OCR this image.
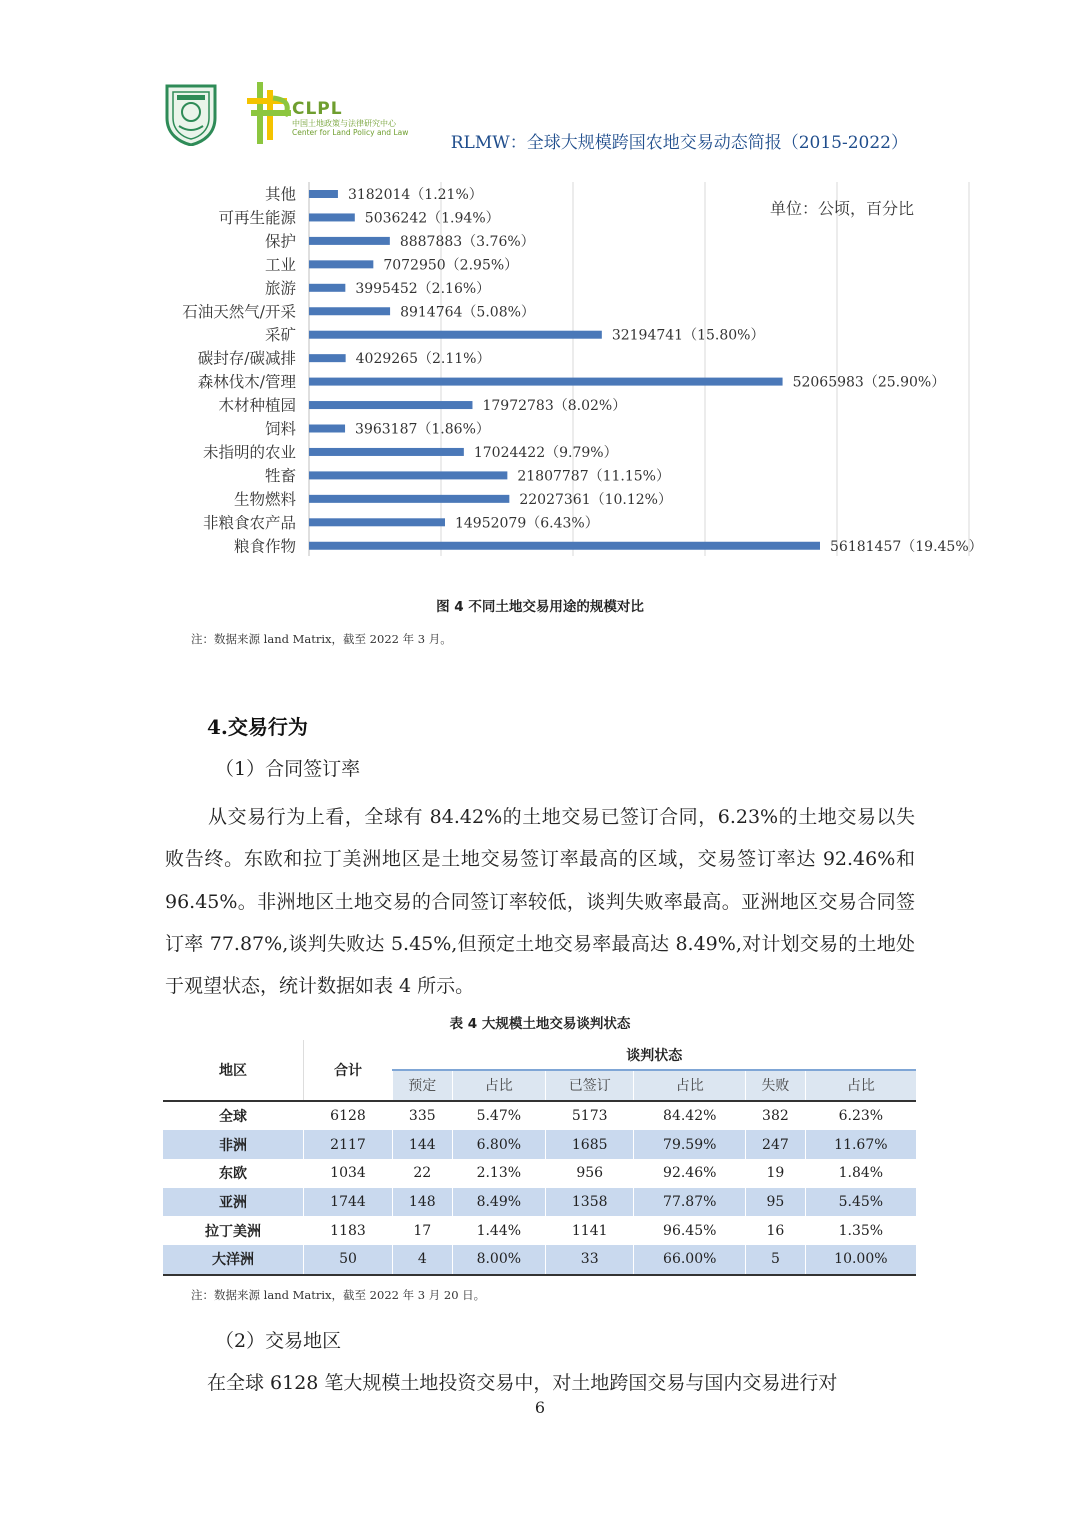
CLPL
中国土地政策与法律研究中心
Center for Land Policy and Law
RLMW：全球大规模跨国农地交易动态简报（2015-2022）
其他	3182014（1.21%）
可再生能源	5036242（1.94%）
保护	8887883（3.76%）
工业	7072950（2.95%）
旅游	3995452（2.16%）
石油天然气/开采	8914764（5.08%）
采矿	32194741（15.80%）
碳封存/碳减排	4029265（2.11%）
森林伐木/管理	52065983（25.90%）
木材种植园	17972783（8.02%）
饲料	3963187（1.86%）
未指明的农业	17024422（9.79%）
牲畜	21807787（11.15%）
生物燃料	22027361（10.12%）
非粮食农产品	14952079（6.43%）
粮食作物	56181457（19.45%）
单位：公顷，百分比
图 4 不同土地交易用途的规模对比
注：数据来源 land Matrix，截至 2022 年 3 月。
4.交易行为
（1）合同签订率

从交易行为上看，全球有 84.42%的土地交易已签订合同，6.23%的土地交易以失败告终。东欧和拉丁美洲地区是土地交易签订率最高的区域，交易签订率达 92.46%和 96.45%。非洲地区土地交易的合同签订率较低，谈判失败率最高。亚洲地区交易合同签订率 77.87%,谈判失败达 5.45%,但预定土地交易率最高达 8.49%,对计划交易的土地处于观望状态，统计数据如表 4 所示。

表 4 大规模土地交易谈判状态
地区	合计	谈判状态					
		预定	占比	已签订	占比	失败	占比
全球	6128	335	5.47%	5173	84.42%	382	6.23%
非洲	2117	144	6.80%	1685	79.59%	247	11.67%
东欧	1034	22	2.13%	956	92.46%	19	1.84%
亚洲	1744	148	8.49%	1358	77.87%	95	5.45%
拉丁美洲	1183	17	1.44%	1141	96.45%	16	1.35%
大洋洲	50	4	8.00%	33	66.00%	5	10.00%
注：数据来源 land Matrix，截至 2022 年 3 月 20 日。
（2）交易地区
在全球 6128 笔大规模土地投资交易中，对土地跨国交易与国内交易进行对
6
